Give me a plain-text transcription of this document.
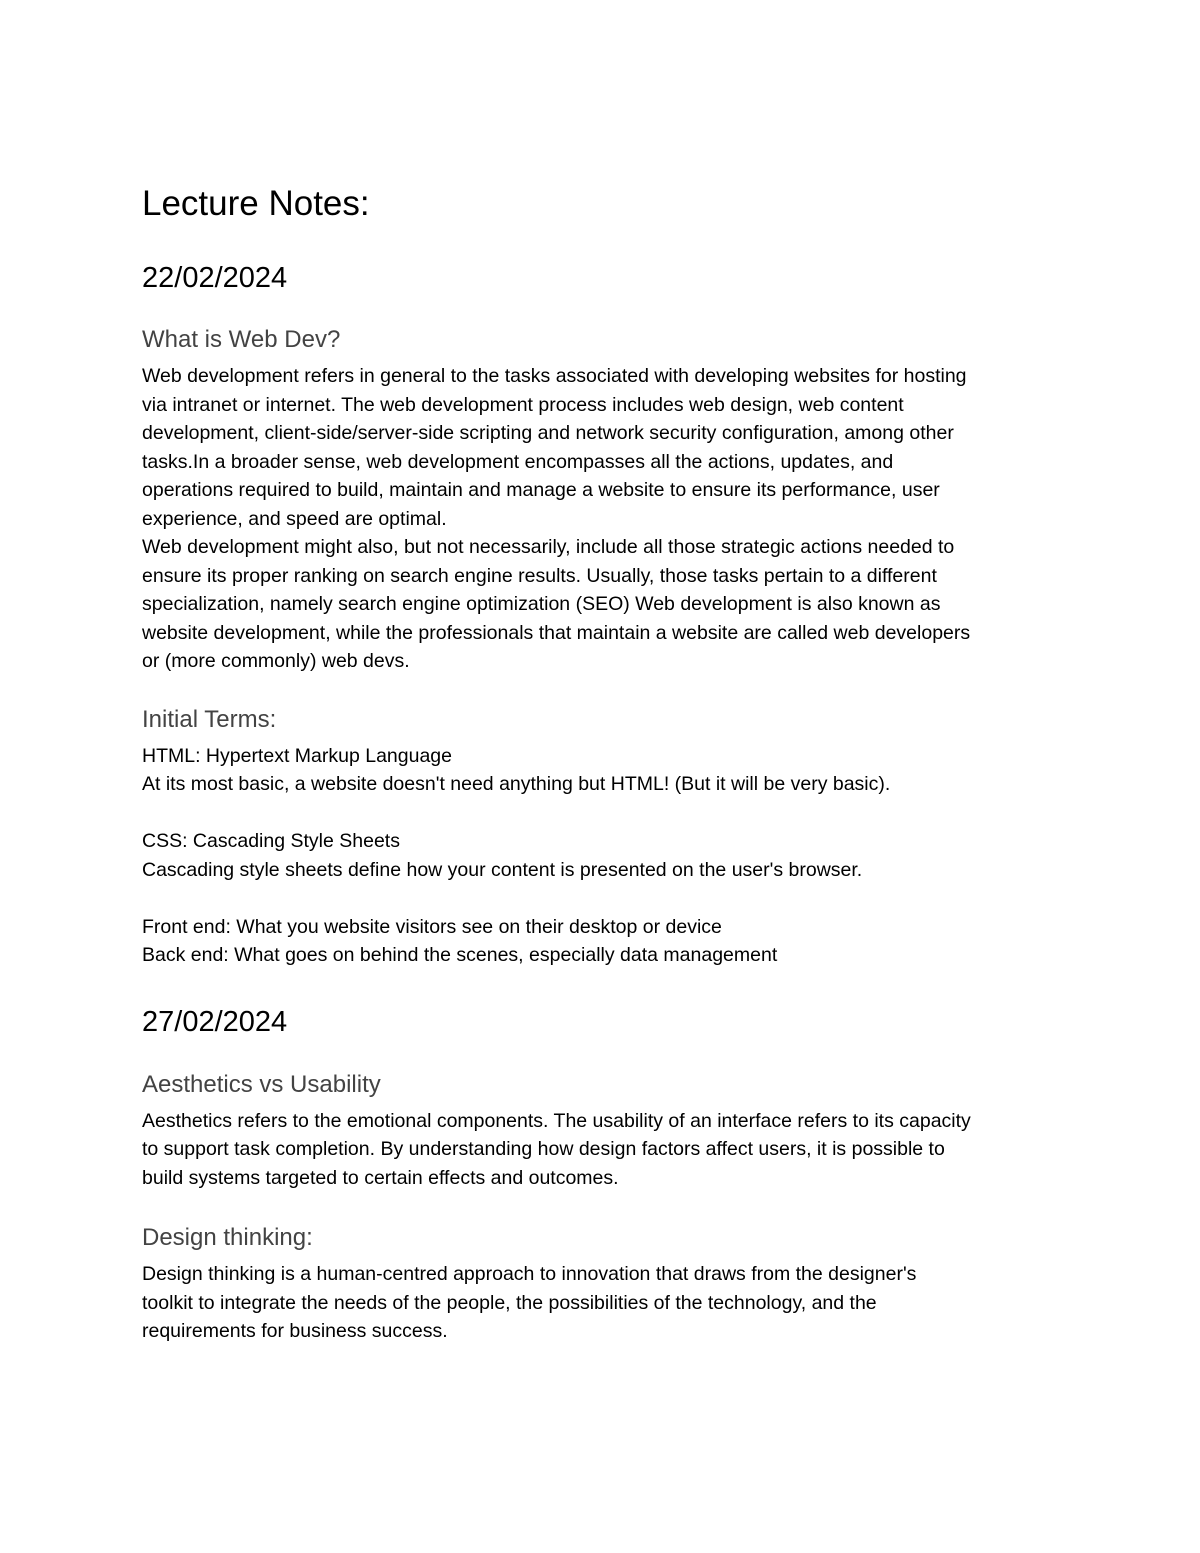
Lecture Notes:
22/02/2024
What is Web Dev?
Web development refers in general to the tasks associated with developing websites for hosting
via intranet or internet. The web development process includes web design, web content
development, client-side/server-side scripting and network security configuration, among other
tasks.In a broader sense, web development encompasses all the actions, updates, and
operations required to build, maintain and manage a website to ensure its performance, user
experience, and speed are optimal.
Web development might also, but not necessarily, include all those strategic actions needed to
ensure its proper ranking on search engine results. Usually, those tasks pertain to a different
specialization, namely search engine optimization (SEO) Web development is also known as
website development, while the professionals that maintain a website are called web developers
or (more commonly) web devs.
Initial Terms:
HTML: Hypertext Markup Language
At its most basic, a website doesn't need anything but HTML! (But it will be very basic).
CSS: Cascading Style Sheets
Cascading style sheets define how your content is presented on the user's browser.
Front end: What you website visitors see on their desktop or device
Back end: What goes on behind the scenes, especially data management
27/02/2024
Aesthetics vs Usability
Aesthetics refers to the emotional components. The usability of an interface refers to its capacity
to support task completion. By understanding how design factors affect users, it is possible to
build systems targeted to certain effects and outcomes.
Design thinking:
Design thinking is a human-centred approach to innovation that draws from the designer's
toolkit to integrate the needs of the people, the possibilities of the technology, and the
requirements for business success.
